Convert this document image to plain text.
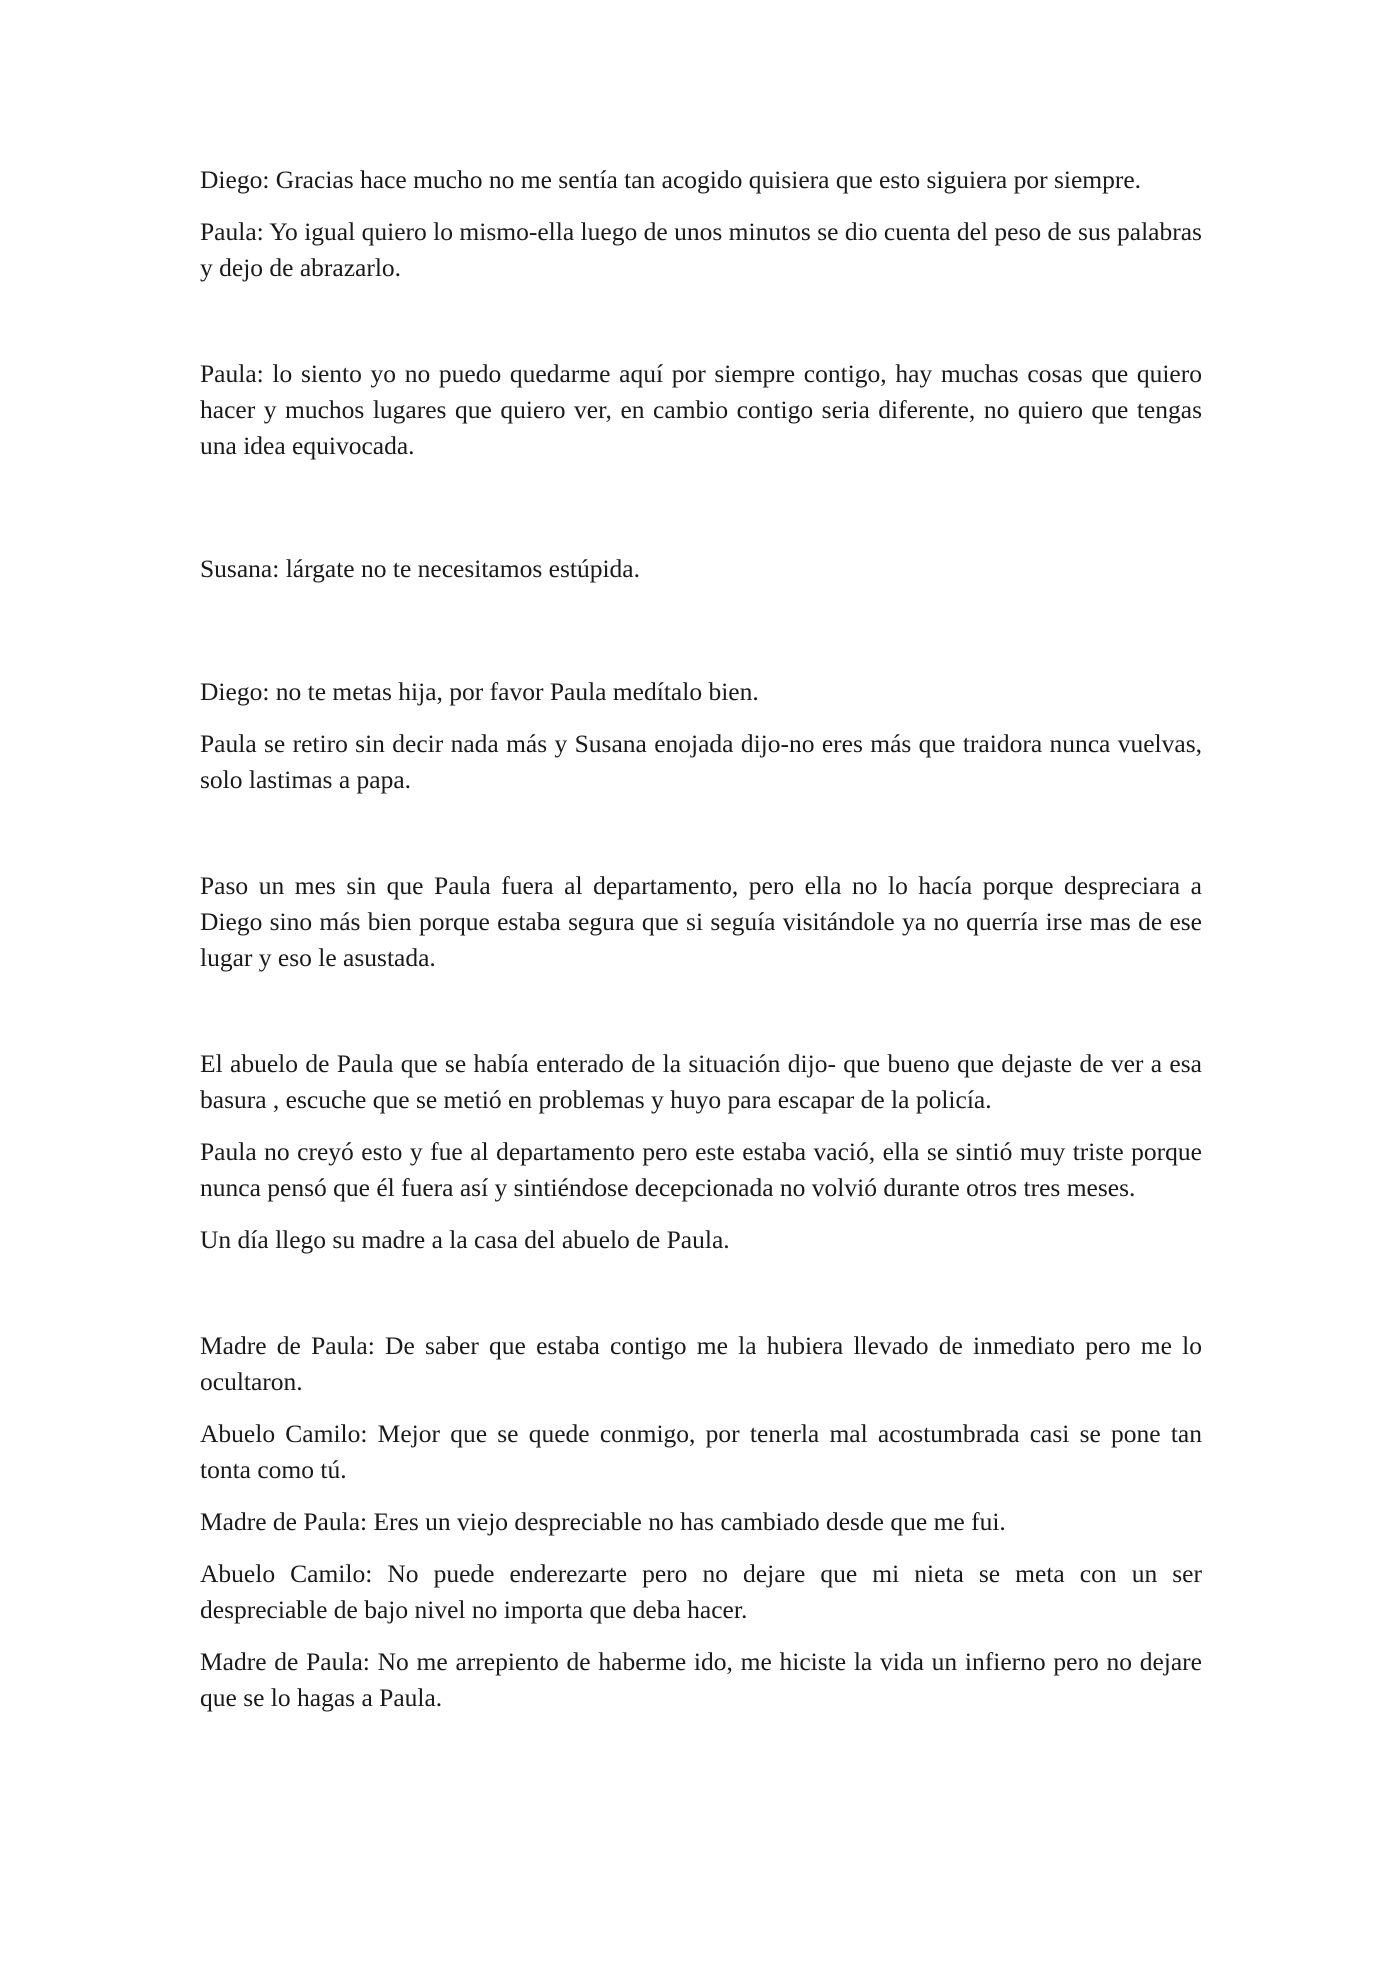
Diego: Gracias hace mucho no me sentía tan acogido quisiera que esto siguiera por siempre.

Paula: Yo igual quiero lo mismo-ella luego de unos minutos se dio cuenta del peso de sus palabras y dejo de abrazarlo.

Paula: lo siento yo no puedo quedarme aquí por siempre contigo, hay muchas cosas que quiero hacer y muchos lugares que quiero ver, en cambio contigo seria diferente, no quiero que tengas una idea equivocada.

Susana: lárgate no te necesitamos estúpida.

Diego: no te metas hija, por favor Paula medítalo bien.

Paula se retiro sin decir nada más y Susana enojada dijo-no eres más que traidora nunca vuelvas, solo lastimas a papa.

Paso un mes sin que Paula fuera al departamento, pero ella no lo hacía porque despreciara a Diego sino más bien porque estaba segura que si seguía visitándole ya no querría irse mas de ese lugar y eso le asustada.

El abuelo de Paula que se había enterado de la situación dijo- que bueno que dejaste de ver a esa basura , escuche que se metió en problemas y huyo para escapar de la policía.

Paula no creyó esto y fue al departamento pero este estaba vació, ella se sintió muy triste porque nunca pensó que él fuera así y sintiéndose decepcionada no volvió durante otros tres meses.

Un día llego su madre a la casa del abuelo de Paula.

Madre de Paula: De saber que estaba contigo me la hubiera llevado de inmediato pero me lo ocultaron.

Abuelo Camilo: Mejor que se quede conmigo, por tenerla mal acostumbrada casi se pone tan tonta como tú.

Madre de Paula: Eres un viejo despreciable no has cambiado desde que me fui.

Abuelo Camilo: No puede enderezarte pero no dejare que mi nieta se meta con un ser despreciable de bajo nivel no importa que deba hacer.

Madre de Paula: No me arrepiento de haberme ido, me hiciste la vida un infierno pero no dejare que se lo hagas a Paula.
